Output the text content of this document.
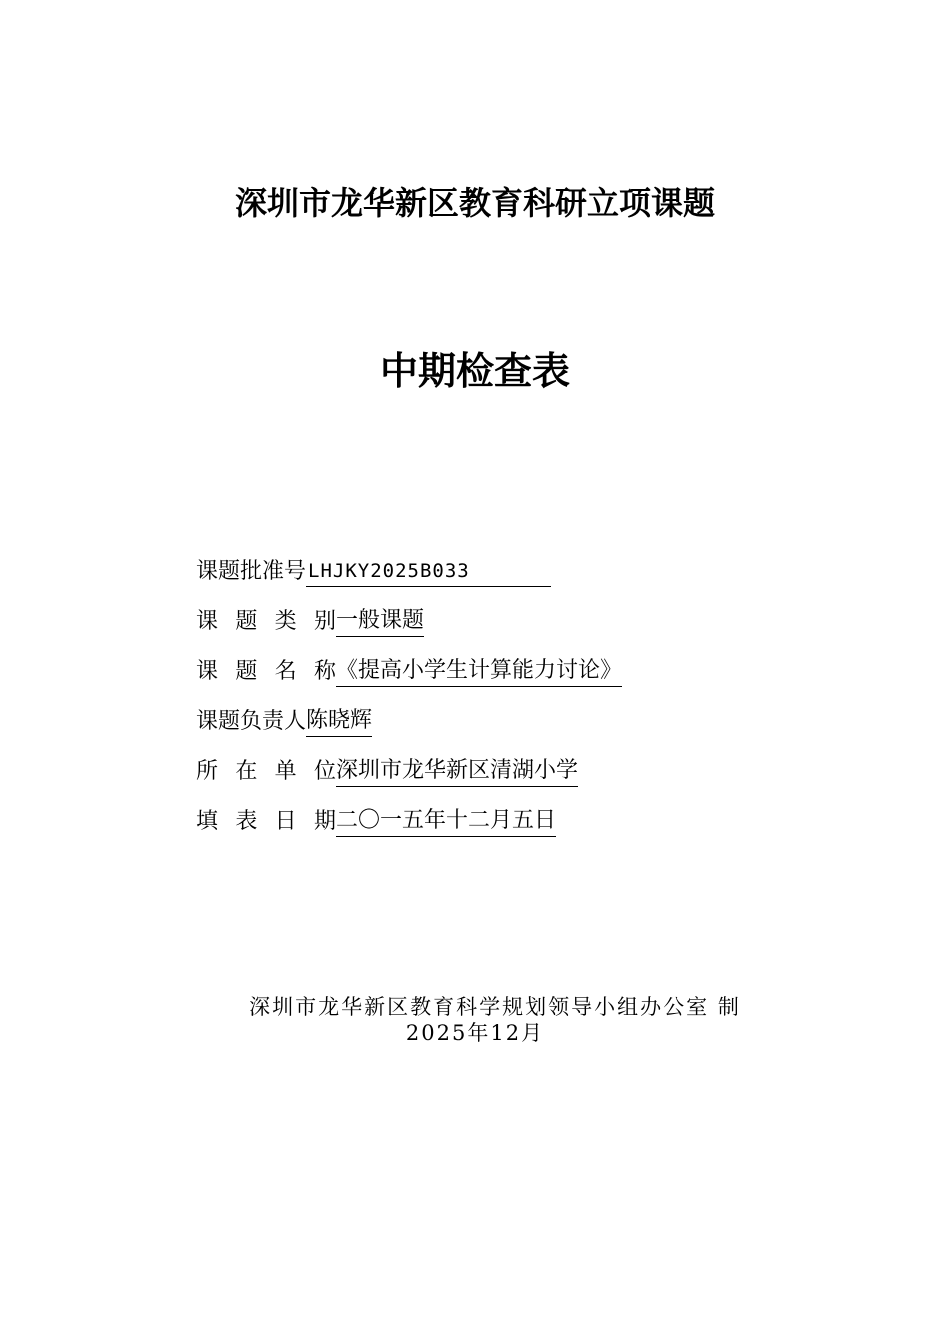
深圳市龙华新区教育科研立项课题
中期检查表
课题批准号 LHJKY2025B033
课 题 类 别 一般课题
课 题 名 称 《提高小学生计算能力讨论》
课题负责人 陈晓辉
所 在 单 位 深圳市龙华新区清湖小学
填 表 日 期 二〇一五年十二月五日
深圳市龙华新区教育科学规划领导小组办公室 制
2025年12月
